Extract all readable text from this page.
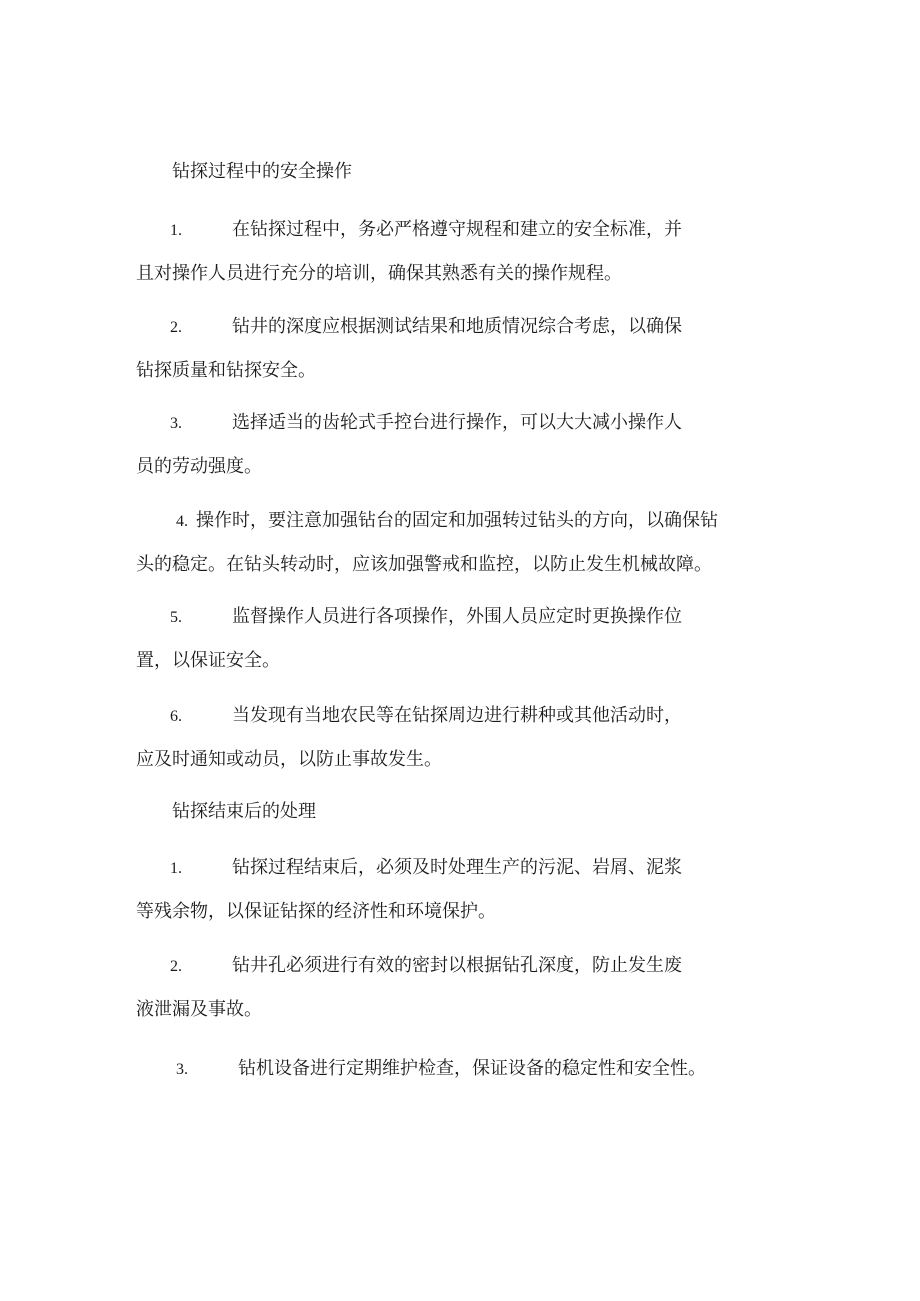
钻探过程中的安全操作
1.	在钻探过程中，务必严格遵守规程和建立的安全标准，并
且对操作人员进行充分的培训，确保其熟悉有关的操作规程。
2.	钻井的深度应根据测试结果和地质情况综合考虑，以确保
钻探质量和钻探安全。
3.	选择适当的齿轮式手控台进行操作，可以大大减小操作人
员的劳动强度。
4. 操作时，要注意加强钻台的固定和加强转过钻头的方向，以确保钻
头的稳定。在钻头转动时，应该加强警戒和监控，以防止发生机械故障。
5.	监督操作人员进行各项操作，外围人员应定时更换操作位
置，以保证安全。
6.	当发现有当地农民等在钻探周边进行耕种或其他活动时，
应及时通知或动员，以防止事故发生。
钻探结束后的处理
1.	钻探过程结束后，必须及时处理生产的污泥、岩屑、泥浆
等残余物，以保证钻探的经济性和环境保护。
2.	钻井孔必须进行有效的密封以根据钻孔深度，防止发生废
液泄漏及事故。
3.	钻机设备进行定期维护检查，保证设备的稳定性和安全性。
